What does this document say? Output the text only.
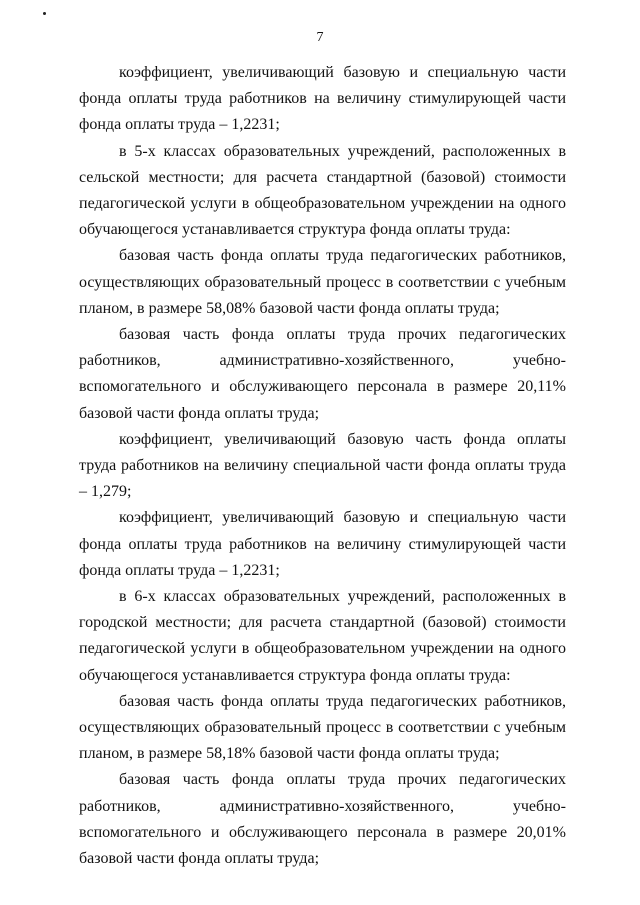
7

коэффициент, увеличивающий базовую и специальную части фонда оплаты труда работников на величину стимулирующей части фонда оплаты труда – 1,2231;

в 5-х классах образовательных учреждений, расположенных в сельской местности; для расчета стандартной (базовой) стоимости педагогической услуги в общеобразовательном учреждении на одного обучающегося устанавливается структура фонда оплаты труда:

базовая часть фонда оплаты труда педагогических работников, осуществляющих образовательный процесс в соответствии с учебным планом, в размере 58,08% базовой части фонда оплаты труда;

базовая часть фонда оплаты труда прочих педагогических работников, административно-хозяйственного, учебно-вспомогательного и обслуживающего персонала в размере 20,11% базовой части фонда оплаты труда;

коэффициент, увеличивающий базовую часть фонда оплаты труда работников на величину специальной части фонда оплаты труда – 1,279;

коэффициент, увеличивающий базовую и специальную части фонда оплаты труда работников на величину стимулирующей части фонда оплаты труда – 1,2231;

в 6-х классах образовательных учреждений, расположенных в городской местности; для расчета стандартной (базовой) стоимости педагогической услуги в общеобразовательном учреждении на одного обучающегося устанавливается структура фонда оплаты труда:

базовая часть фонда оплаты труда педагогических работников, осуществляющих образовательный процесс в соответствии с учебным планом, в размере 58,18% базовой части фонда оплаты труда;

базовая часть фонда оплаты труда прочих педагогических работников, административно-хозяйственного, учебно-вспомогательного и обслуживающего персонала в размере 20,01% базовой части фонда оплаты труда;
